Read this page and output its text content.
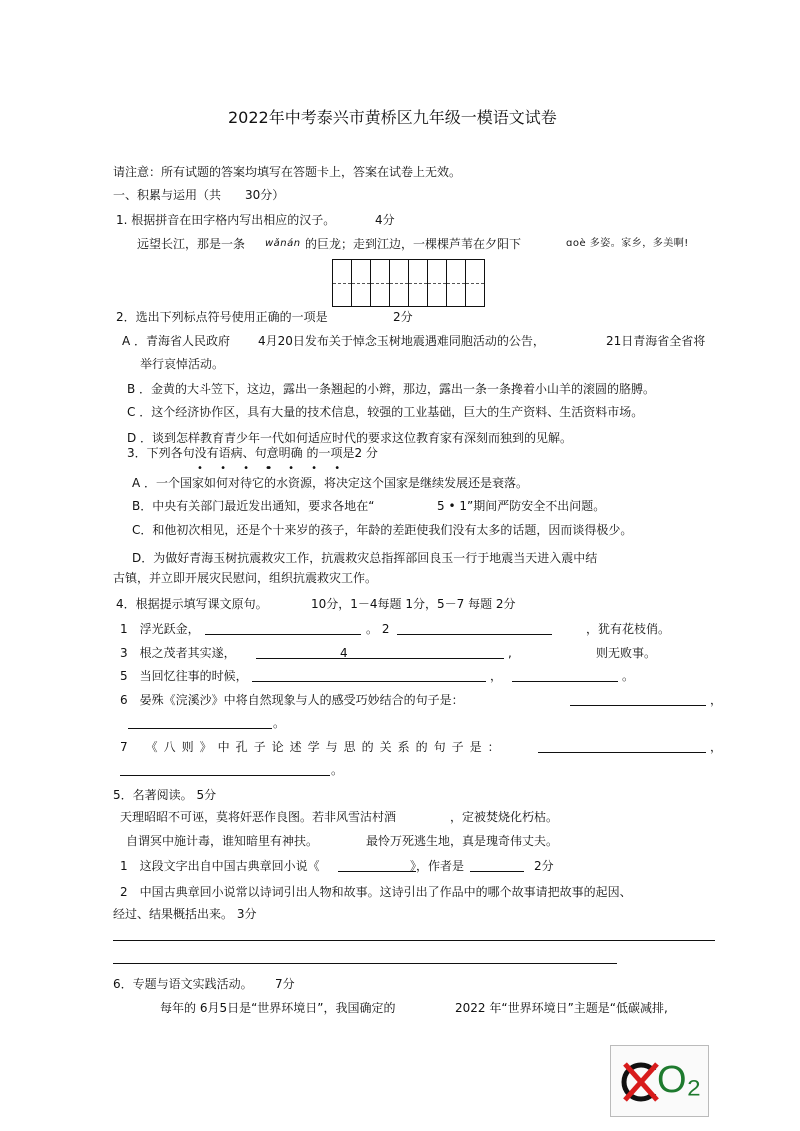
2022年中考泰兴市黄桥区九年级一模语文试卷
请注意：所有试题的答案均填写在答题卡上，答案在试卷上无效。
一、积累与运用（共 30分）
1. 根据拼音在田字格内写出相应的汉子。	4分
远望长江，那是一条 wǎnán 的巨龙；走到江边，一棵棵芦苇在夕阳下	ɑoè 多姿。家乡，多美啊!
2．选出下列标点符号使用正确的一项是	2分
A ．青海省人民政府 4月20日发布关于悼念玉树地震遇难同胞活动的公告，	21日青海省全省将
举行哀悼活动。
B ．金黄的大斗笠下，这边，露出一条翘起的小辫，那边，露出一条一条搀着小山羊的滚圆的胳膊。
C ．这个经济协作区，具有大量的技术信息，较强的工业基础，巨大的生产资料、生活资料市场。
D ．谈到怎样教育青少年一代如何适应时代的要求这位教育家有深刻而独到的见解。
3．下列各句没有语病、句意明确 的一项是2 分
• • • •
• • • •
A ．一个国家如何对待它的水资源，将决定这个国家是继续发展还是衰落。
B．中央有关部门最近发出通知，要求各地在“	5 • 1”期间严防安全不出问题。
C．和他初次相见，还是个十来岁的孩子，年龄的差距使我们没有太多的话题，因而谈得极少。
D．为做好青海玉树抗震救灾工作，抗震救灾总指挥部回良玉一行于地震当天进入震中结
古镇，并立即开展灾民慰问，组织抗震救灾工作。
4．根据提示填写课文原句。	10分，1－4每题 1分，5－7 每题 2分
1　浮光跃金，	。 2	，犹有花枝俏。
3　根之茂者其实遂，	4	,	则无败事。
5　当回忆往事的时候，	，	。
6　晏殊《浣溪沙》中将自然现象与人的感受巧妙结合的句子是：	，
。
7　《八则》中孔子论述学与思的关系的句子是：	，
。
5．名著阅读。 5分
天理昭昭不可诬，莫将奸恶作良图。若非风雪沽村酒	，定被焚烧化朽枯。
自谓冥中施计毒，谁知暗里有神扶。	最怜万死逃生地，真是瑰奇伟丈夫。
1　这段文字出自中国古典章回小说《	》，作者是	2分
2　中国古典章回小说常以诗词引出人物和故事。这诗引出了作品中的哪个故事请把故事的起因、
经过、结果概括出来。 3分
6．专题与语文实践活动。 7分
每年的 6月5日是“世界环境日”，我国确定的	2022 年“世界环境日”主题是“低碳减排,
O₂
